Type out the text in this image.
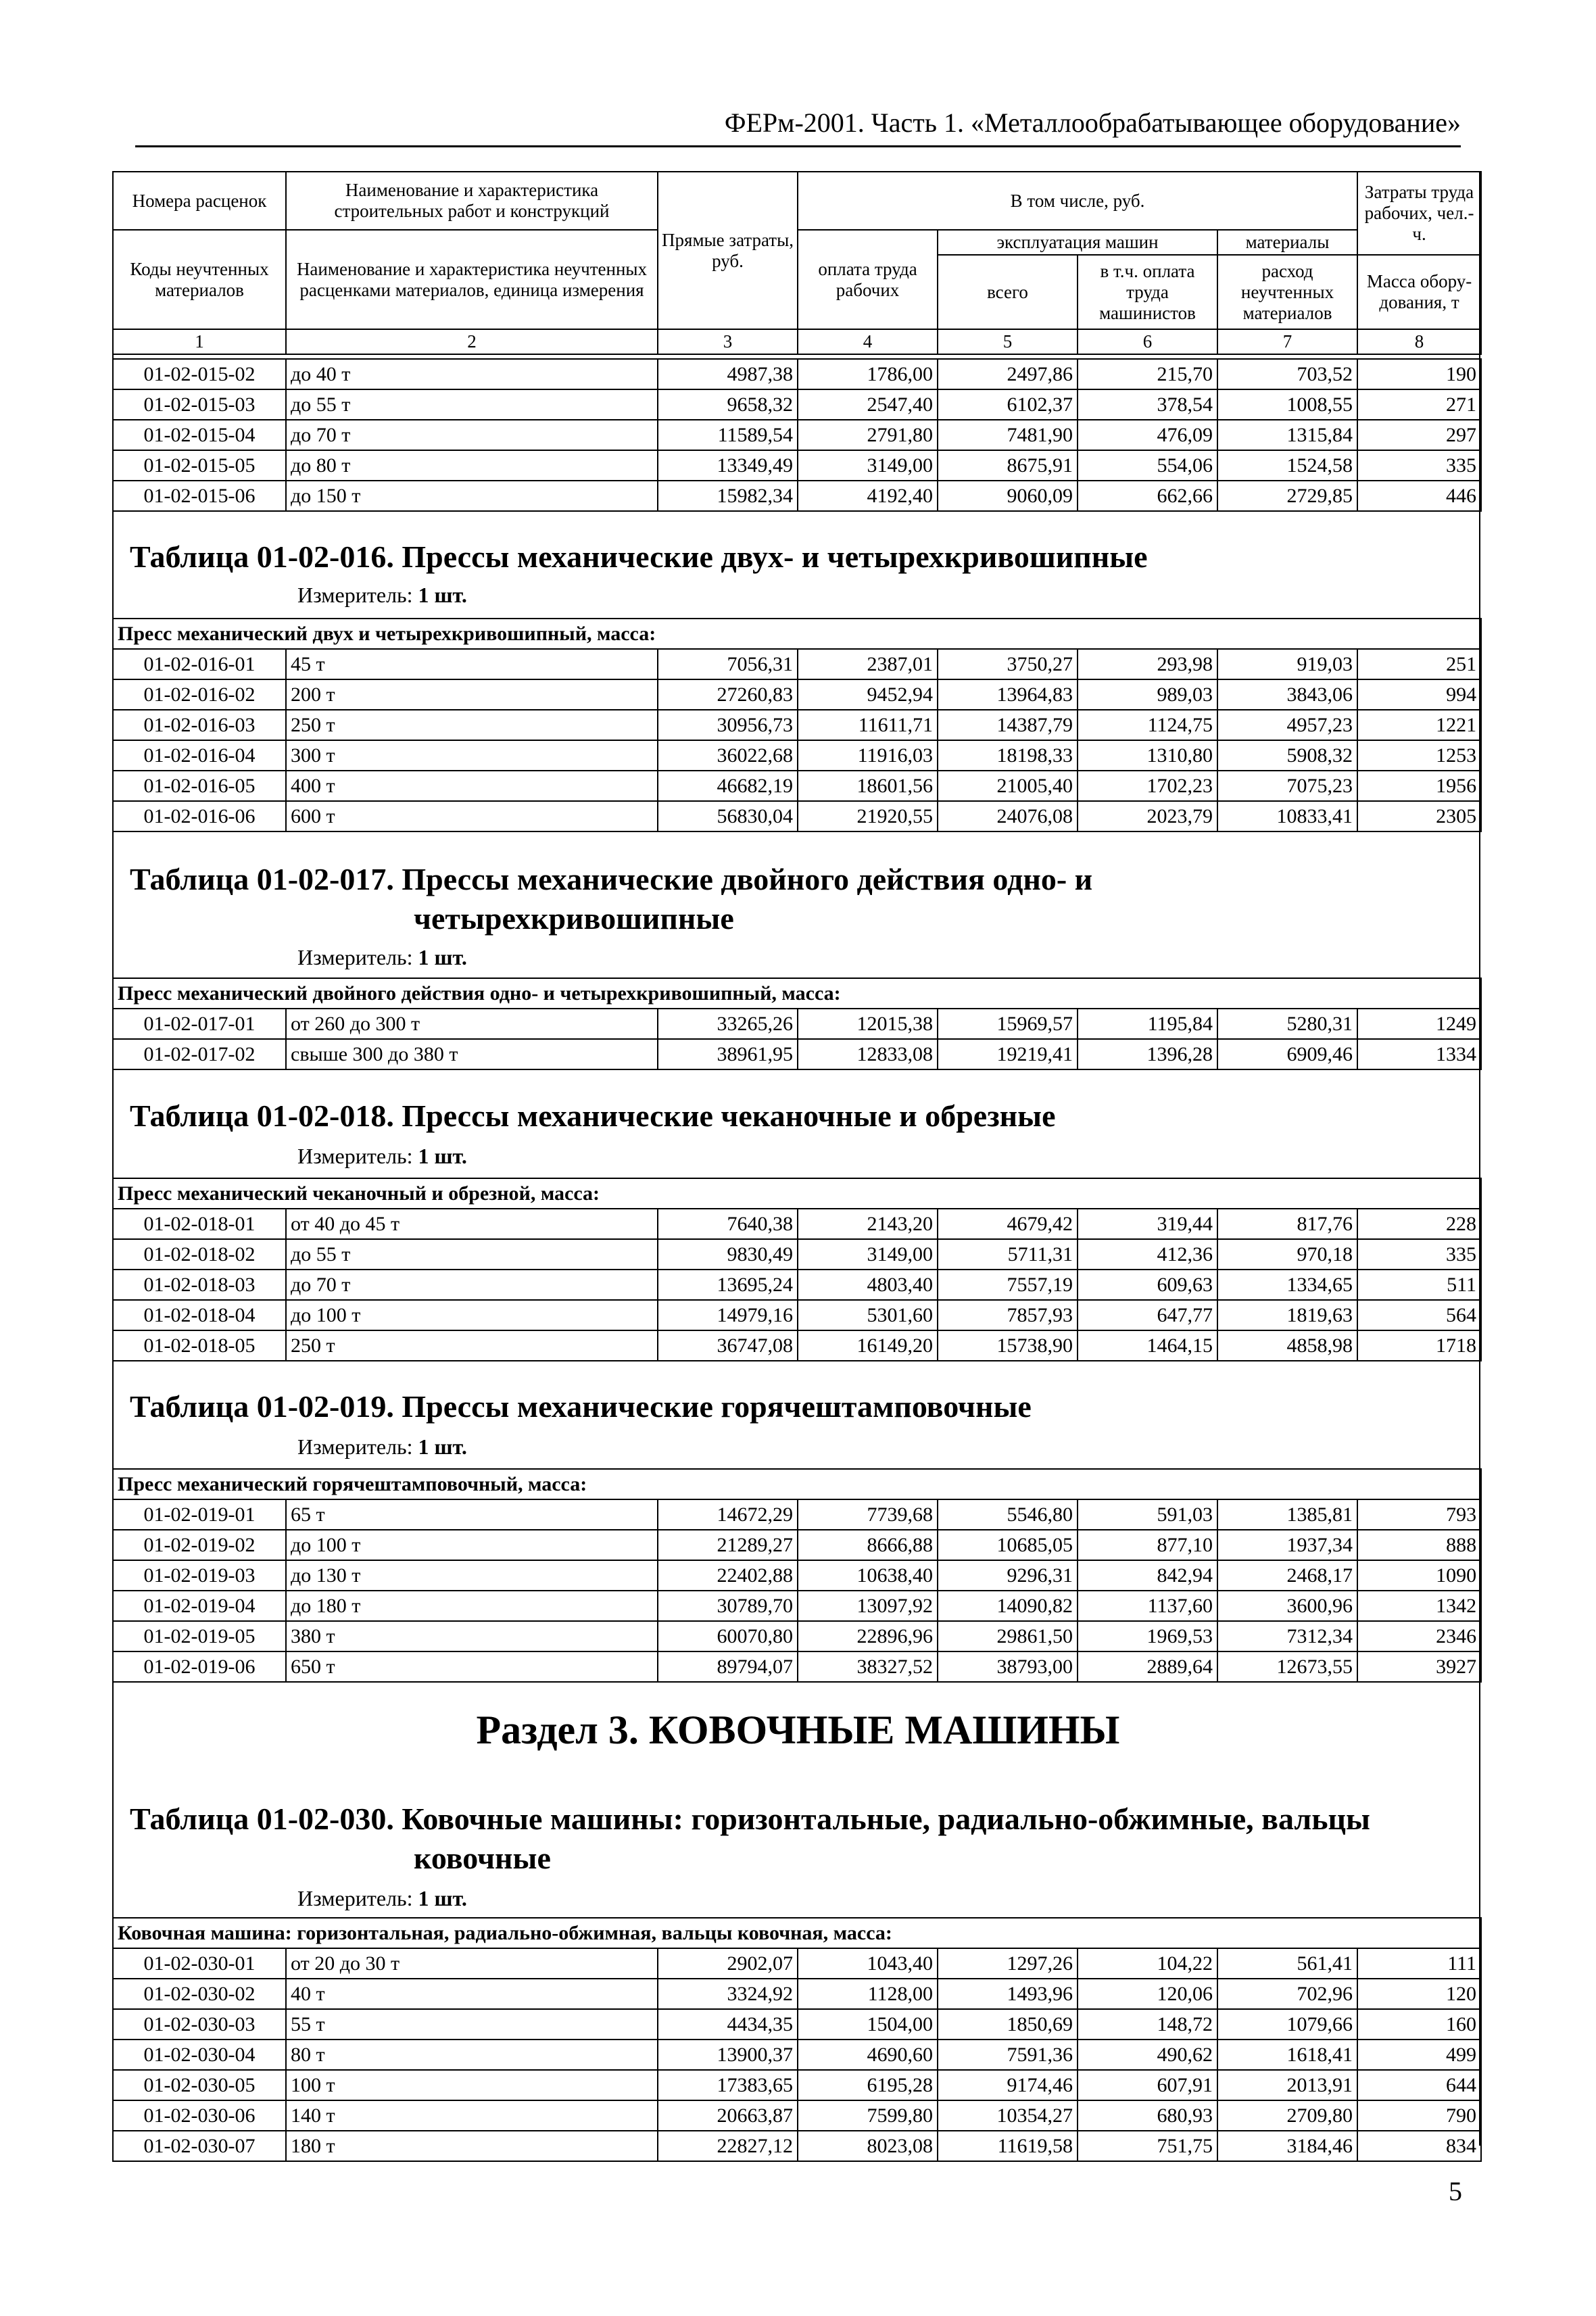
ФЕРм-2001. Часть 1. «Металлообрабатывающее оборудование»
Номера расценок	Наименование и характеристика строительных работ и конструкций	Прямые затраты, руб.	В том числе, руб.				Затраты труда рабочих, чел.-ч.
Коды неучтенных материалов	Наименование и характеристика неучтенных расценками материалов, единица измерения		оплата труда рабочих	эксплуатация машин		материалы	
				всего	в т.ч. оплата труда машинистов	расход неучтенных материалов	Масса обору-дования, т
1	2	3	4	5	6	7	8
01-02-015-02	до 40 т	4987,38	1786,00	2497,86	215,70	703,52	190
01-02-015-03	до 55 т	9658,32	2547,40	6102,37	378,54	1008,55	271
01-02-015-04	до 70 т	11589,54	2791,80	7481,90	476,09	1315,84	297
01-02-015-05	до 80 т	13349,49	3149,00	8675,91	554,06	1524,58	335
01-02-015-06	до 150 т	15982,34	4192,40	9060,09	662,66	2729,85	446
Таблица 01-02-016. Прессы механические двух- и четырехкривошипные
Измеритель: 1 шт.
Пресс механический двух и четырехкривошипный, масса:							
01-02-016-01	45 т	7056,31	2387,01	3750,27	293,98	919,03	251
01-02-016-02	200 т	27260,83	9452,94	13964,83	989,03	3843,06	994
01-02-016-03	250 т	30956,73	11611,71	14387,79	1124,75	4957,23	1221
01-02-016-04	300 т	36022,68	11916,03	18198,33	1310,80	5908,32	1253
01-02-016-05	400 т	46682,19	18601,56	21005,40	1702,23	7075,23	1956
01-02-016-06	600 т	56830,04	21920,55	24076,08	2023,79	10833,41	2305
Таблица 01-02-017. Прессы механические двойного действия одно- и
четырехкривошипные
Измеритель: 1 шт.
Пресс механический двойного действия одно- и четырехкривошипный, масса:							
01-02-017-01	от 260 до 300 т	33265,26	12015,38	15969,57	1195,84	5280,31	1249
01-02-017-02	свыше 300 до 380 т	38961,95	12833,08	19219,41	1396,28	6909,46	1334
Таблица 01-02-018. Прессы механические чеканочные и обрезные
Измеритель: 1 шт.
Пресс механический чеканочный и обрезной, масса:							
01-02-018-01	от 40 до 45 т	7640,38	2143,20	4679,42	319,44	817,76	228
01-02-018-02	до 55 т	9830,49	3149,00	5711,31	412,36	970,18	335
01-02-018-03	до 70 т	13695,24	4803,40	7557,19	609,63	1334,65	511
01-02-018-04	до 100 т	14979,16	5301,60	7857,93	647,77	1819,63	564
01-02-018-05	250 т	36747,08	16149,20	15738,90	1464,15	4858,98	1718
Таблица 01-02-019. Прессы механические горячештамповочные
Измеритель: 1 шт.
Пресс механический горячештамповочный, масса:							
01-02-019-01	65 т	14672,29	7739,68	5546,80	591,03	1385,81	793
01-02-019-02	до 100 т	21289,27	8666,88	10685,05	877,10	1937,34	888
01-02-019-03	до 130 т	22402,88	10638,40	9296,31	842,94	2468,17	1090
01-02-019-04	до 180 т	30789,70	13097,92	14090,82	1137,60	3600,96	1342
01-02-019-05	380 т	60070,80	22896,96	29861,50	1969,53	7312,34	2346
01-02-019-06	650 т	89794,07	38327,52	38793,00	2889,64	12673,55	3927
Раздел 3. КОВОЧНЫЕ МАШИНЫ
Таблица 01-02-030. Ковочные машины: горизонтальные, радиально-обжимные, вальцы
ковочные
Измеритель: 1 шт.
Ковочная машина: горизонтальная, радиально-обжимная, вальцы ковочная, масса:							
01-02-030-01	от 20 до 30 т	2902,07	1043,40	1297,26	104,22	561,41	111
01-02-030-02	40 т	3324,92	1128,00	1493,96	120,06	702,96	120
01-02-030-03	55 т	4434,35	1504,00	1850,69	148,72	1079,66	160
01-02-030-04	80 т	13900,37	4690,60	7591,36	490,62	1618,41	499
01-02-030-05	100 т	17383,65	6195,28	9174,46	607,91	2013,91	644
01-02-030-06	140 т	20663,87	7599,80	10354,27	680,93	2709,80	790
01-02-030-07	180 т	22827,12	8023,08	11619,58	751,75	3184,46	834
5
